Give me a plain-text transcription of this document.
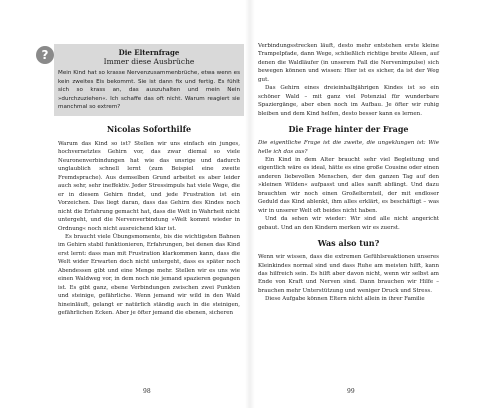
?	Die Elternfrage
Immer diese Ausbrüche
Mein Kind hat so krasse Nervenzusammenbrüche, etwa wenn es kein zweites Eis bekommt. Sie ist dann fix und fertig. Es fühlt sich so krass an, das auszuhalten und mein Nein »durchzuziehen«. Ich schaffe das oft nicht. Warum reagiert sie manchmal so extrem?
Nicolas Soforthilfe

Warum das Kind so ist? Stellen wir uns einfach ein junges, hochvernetztes Gehirn vor, das zwar diemal so viele Neuronenverbindungen hat wie das unsrige und dadurch unglaublich schnell lernt (zum Beispiel eine zweite Fremdsprache). Aus demselben Grund arbeitet es aber leider auch sehr, sehr ineffektiv. Jeder Stressimpuls hat viele Wege, die er in diesem Gehirn findet, und jede Frustration ist ein Vorzeichen. Das liegt daran, dass das Gehirn des Kindes noch nicht die Erfahrung gemacht hat, dass die Welt in Wahrheit nicht untergeht, und die Nervenverbindung »Welt kommt wieder in Ordnung« noch nicht ausreichend klar ist.

Es braucht viele Übungsmomente, bis die wichtigsten Bahnen im Gehirn stabil funktionieren, Erfahrungen, bei denen das Kind erst lernt: dass man mit Frustration klarkommen kann, dass die Welt wider Erwarten doch nicht untergeht, dass es später noch Abendessen gibt und eine Menge mehr. Stellen wir es uns wie einen Waldweg vor, in dem noch nie jemand spazieren gegangen ist. Es gibt ganz, ebene Verbindungen zwischen zwei Punkten und steinige, gefährliche. Wenn jemand wir wild in den Wald hineinläuft, gelangt er natürlich ständig auch in die steinigen, gefährlichen Ecken. Aber je öfter jemand die ebenen, sicheren

98

Verbindungsstrecken läuft, desto mehr entstehen erste kleine Trampelpfade, dann Wege, schließlich richtige breite Alleen, auf denen die Waldläufer (in unserem Fall die Nervenimpulse) sich bewegen können und wissen: Hier ist es sicher, da ist der Weg gut.

Das Gehirn eines dreieinhalbjährigen Kindes ist so ein schöner Wald – mit ganz viel Potenzial für wunderbare Spaziergänge, aber eben noch im Aufbau. Je öfter wir ruhig bleiben und dem Kind helfen, desto besser kann es lernen.

Die Frage hinter der Frage

Die eigentliche Frage ist die zweite, die ungeklungen ist: Wie helle ich das aus?

Ein Kind in dem Alter braucht sehr viel Begleitung und eigentlich wäre es ideal, hätte es eine große Cousine oder einen anderen liebevollen Menschen, der den ganzen Tag auf den »kleinen Wilden« aufpasst und alles sanft abfängt. Und dazu brauchten wir noch einen Großelternteil, der mit endloser Geduld das Kind ablenkt, ihm alles erklärt, es beschäftigt – was wir in unserer Welt oft beides nicht haben.

Und da sehen wir wieder: Wir sind alle nicht angericht gebaut. Und an den Kindern merken wir es zuerst.

Was also tun?

Wenn wir wissen, dass die extremen Gefühlsreaktionen unseres Kleinkindes normal sind und dass Ruhe am meisten hilft, kann das hilfreich sein. Es hilft aber davon nicht, wenn wir selbst am Ende von Kraft und Nerven sind. Dann brauchen wir Hilfe – brauchen mehr Unterstützung und weniger Druck und Stress.

Diese Aufgabe können Eltern nicht allein in ihrer Familie

99
